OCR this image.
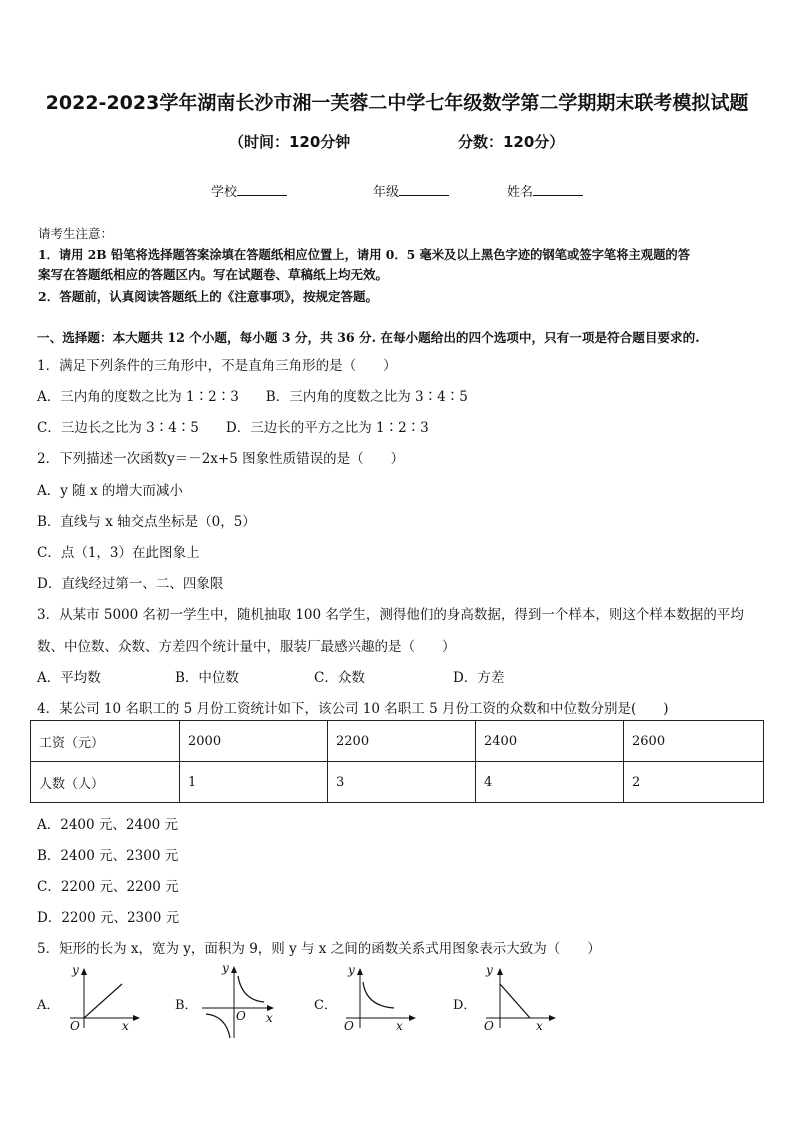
2022-2023学年湖南长沙市湘一芙蓉二中学七年级数学第二学期期末联考模拟试题
（时间：120分钟	分数：120分）
学校	年级	姓名
请考生注意：
1．请用 2B 铅笔将选择题答案涂填在答题纸相应位置上，请用 0．5 毫米及以上黑色字迹的钢笔或签字笔将主观题的答
案写在答题纸相应的答题区内。写在试题卷、草稿纸上均无效。
2．答题前，认真阅读答题纸上的《注意事项》，按规定答题。
一、选择题：本大题共 12 个小题，每小题 3 分，共 36 分. 在每小题给出的四个选项中，只有一项是符合题目要求的.
1．满足下列条件的三角形中，不是直角三角形的是（　　）
A．三内角的度数之比为 1∶2∶3　　B．三内角的度数之比为 3∶4∶5
C．三边长之比为 3∶4∶5　　D．三边长的平方之比为 1∶2∶3
2．下列描述一次函数y＝－2x+5 图象性质错误的是（　　）
A．y 随 x 的增大而减小
B．直线与 x 轴交点坐标是（0，5）
C．点（1，3）在此图象上
D．直线经过第一、二、四象限
3．从某市 5000 名初一学生中，随机抽取 100 名学生，测得他们的身高数据，得到一个样本，则这个样本数据的平均
数、中位数、众数、方差四个统计量中，服装厂最感兴趣的是（　　）
A．平均数	B．中位数	C．众数	D．方差
4．某公司 10 名职工的 5 月份工资统计如下，该公司 10 名职工 5 月份工资的众数和中位数分别是(　　)
工资（元）	2000	2200	2400	2600
人数（人）	1	3	4	2
A．2400 元、2400 元
B．2400 元、2300 元
C．2200 元、2200 元
D．2200 元、2300 元
5．矩形的长为 x，宽为 y，面积为 9，则 y 与 x 之间的函数关系式用图象表示大致为（　　）
A．
y
x
O
B．
y
x
O
C．
y
x
O
D．
y
x
O
